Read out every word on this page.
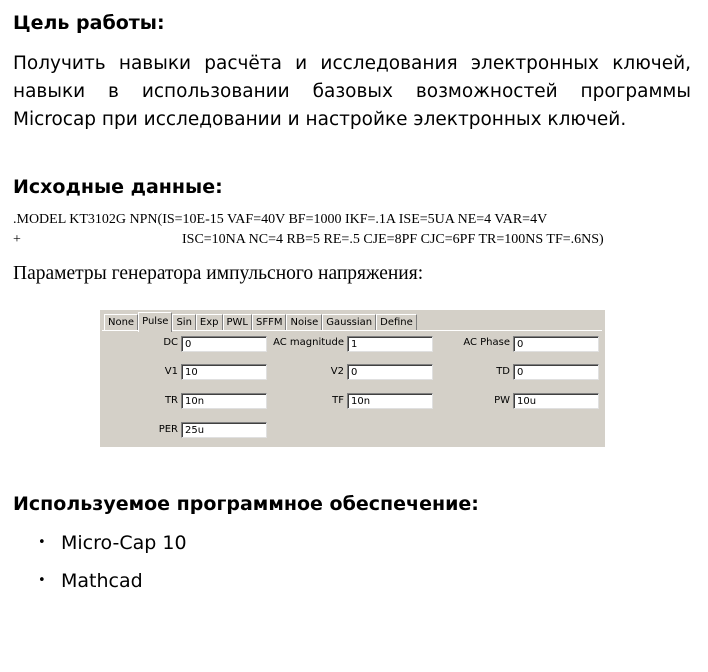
Цель работы:
Получить навыки расчёта и исследования электронных ключей,
навыки в использовании базовых возможностей программы
Microcap при исследовании и настройке электронных ключей.
Исходные данные:
.MODEL KT3102G NPN(IS=10E-15 VAF=40V BF=1000 IKF=.1A ISE=5UA NE=4 VAR=4V
+	ISC=10NA NC=4 RB=5 RE=.5 CJE=8PF CJC=6PF TR=100NS TF=.6NS)
Параметры генератора импульсного напряжения:
None Pulse Sin Exp PWL SFFM Noise Gaussian Define
DC 0	AC magnitude 1	AC Phase 0
V1 10	V2 0	TD 0
TR 10n	TF 10n	PW 10u
PER 25u
Используемое программное обеспечение:
• Micro-Cap 10
• Mathcad
